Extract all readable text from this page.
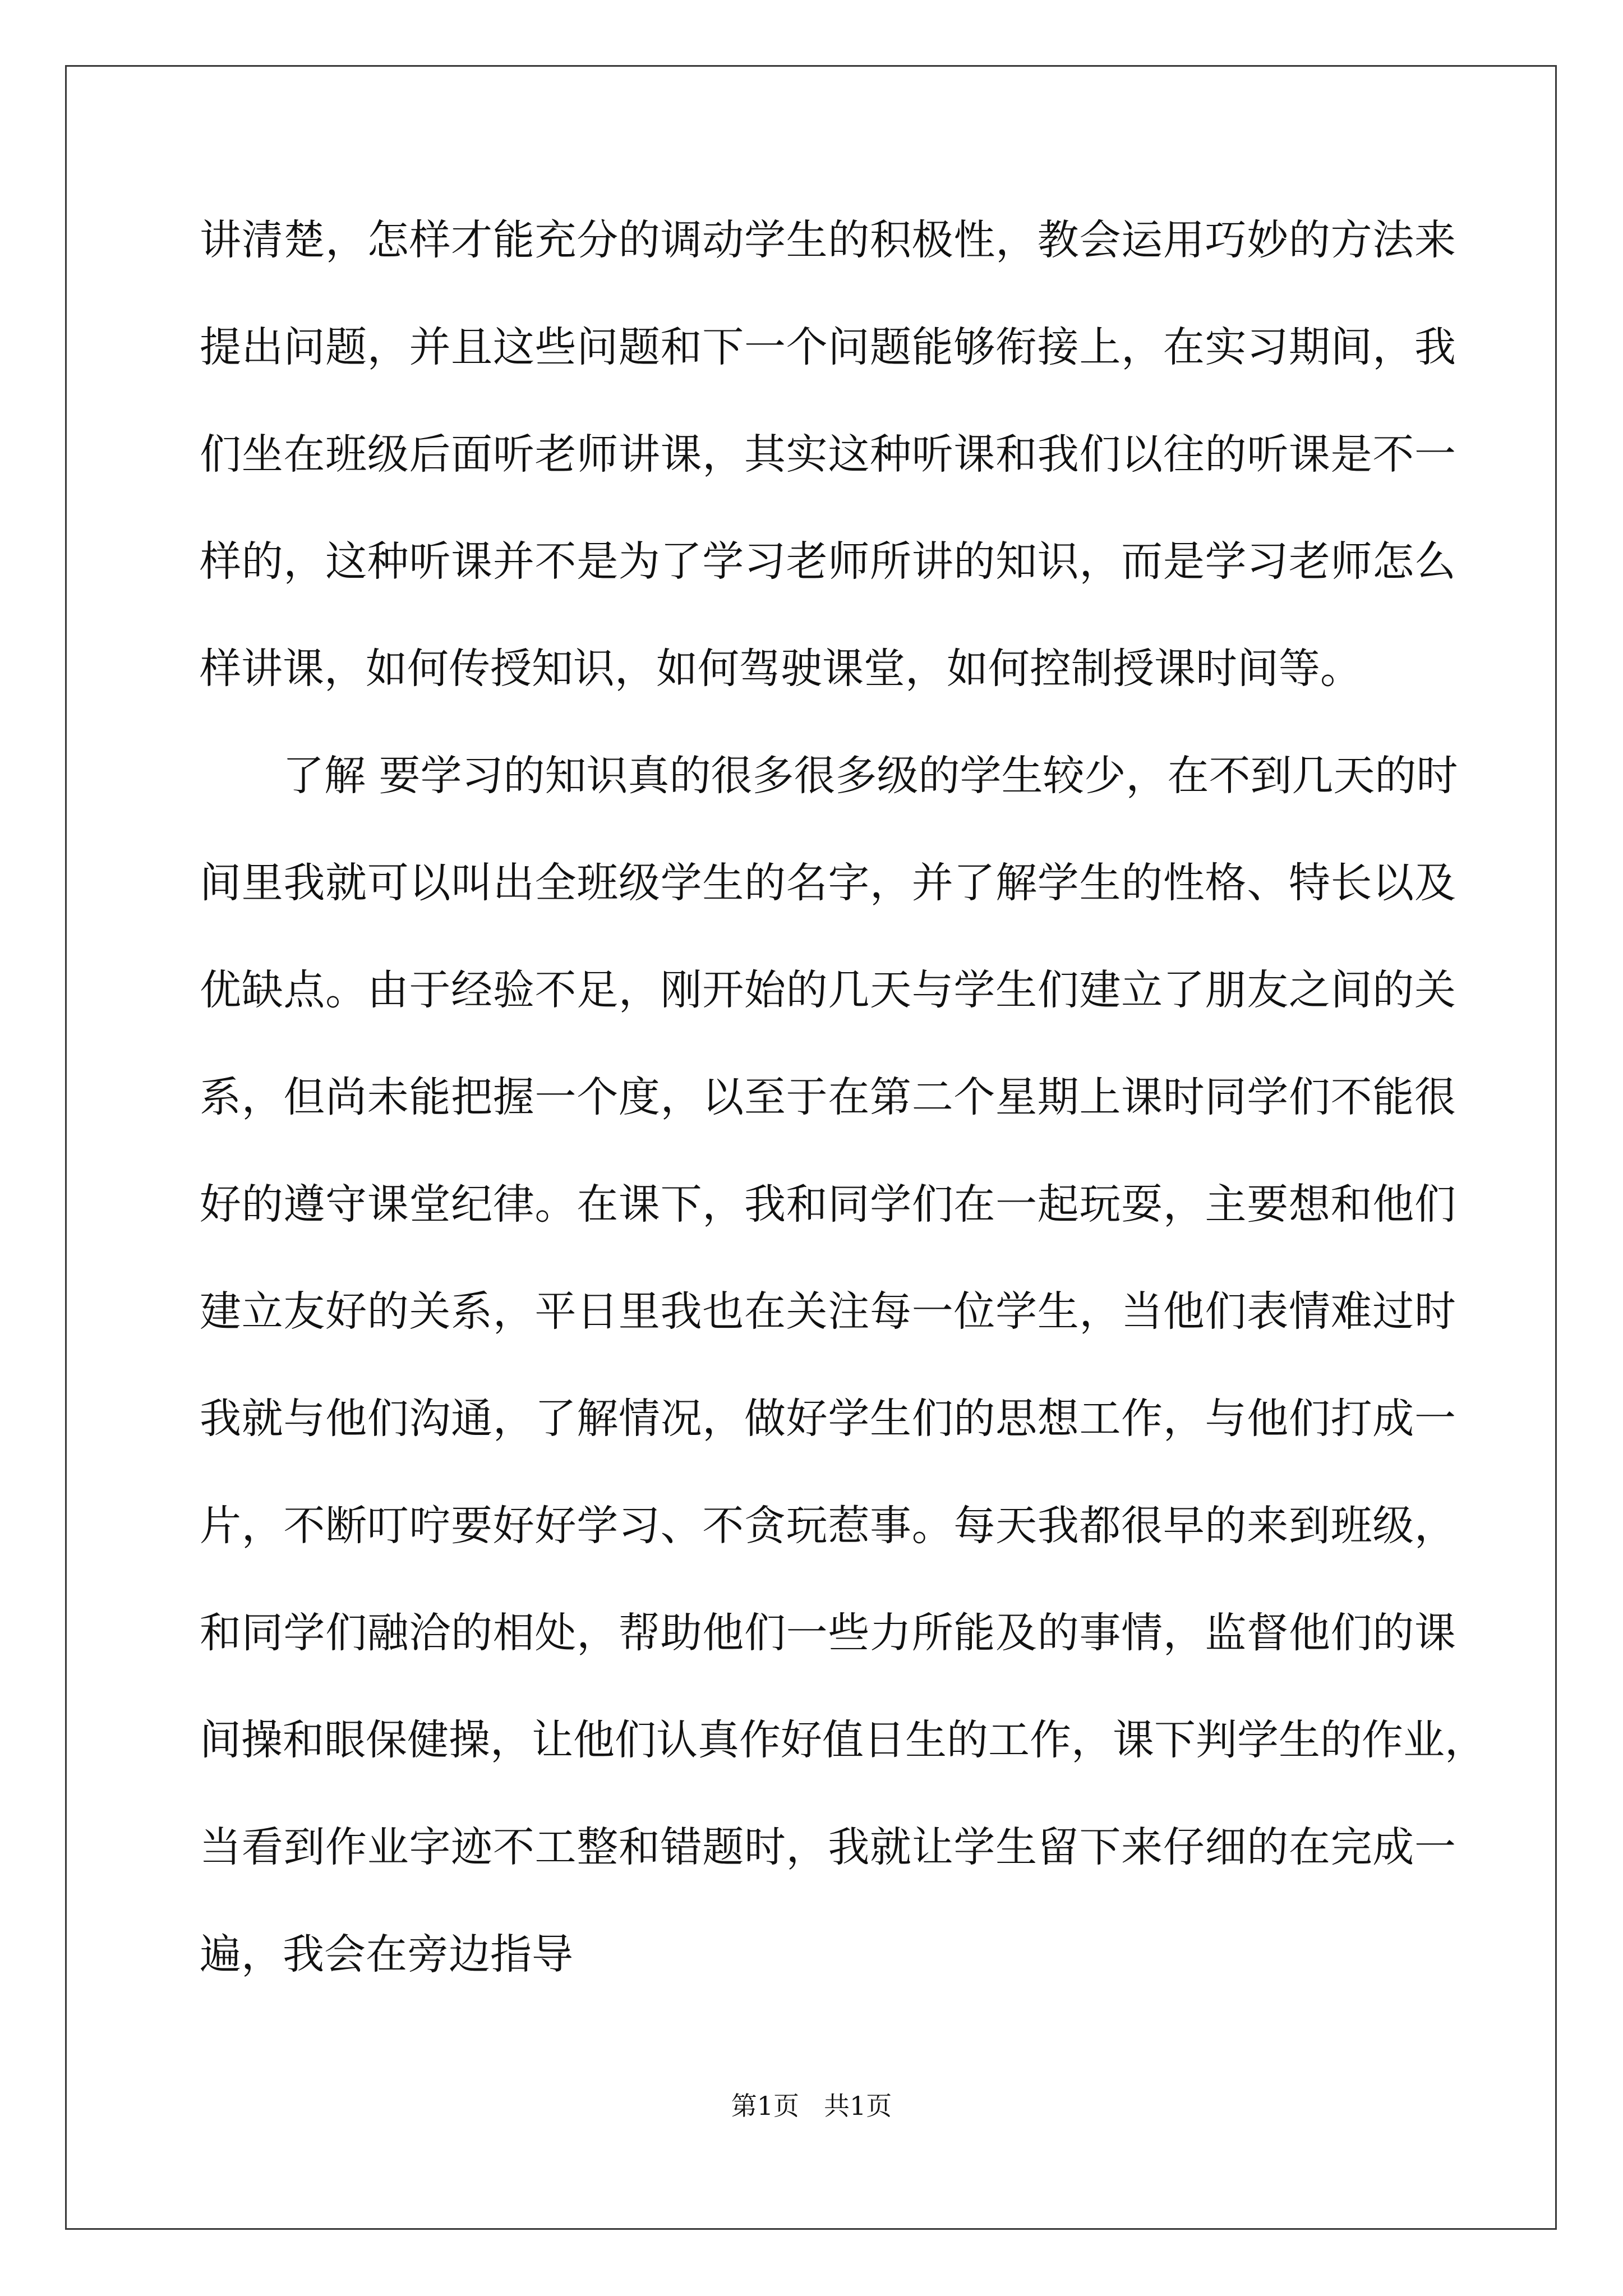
讲清楚，怎样才能充分的调动学生的积极性，教会运用巧妙的方法来
提出问题，并且这些问题和下一个问题能够衔接上，在实习期间，我
们坐在班级后面听老师讲课，其实这种听课和我们以往的听课是不一
样的，这种听课并不是为了学习老师所讲的知识，而是学习老师怎么
样讲课，如何传授知识，如何驾驶课堂，如何控制授课时间等。
了解 要学习的知识真的很多很多级的学生较少，在不到几天的时
间里我就可以叫出全班级学生的名字，并了解学生的性格、特长以及
优缺点。由于经验不足，刚开始的几天与学生们建立了朋友之间的关
系，但尚未能把握一个度，以至于在第二个星期上课时同学们不能很
好的遵守课堂纪律。在课下，我和同学们在一起玩耍，主要想和他们
建立友好的关系，平日里我也在关注每一位学生，当他们表情难过时
我就与他们沟通，了解情况，做好学生们的思想工作，与他们打成一
片，不断叮咛要好好学习、不贪玩惹事。每天我都很早的来到班级，
和同学们融洽的相处，帮助他们一些力所能及的事情，监督他们的课
间操和眼保健操，让他们认真作好值日生的工作，课下判学生的作业，
当看到作业字迹不工整和错题时，我就让学生留下来仔细的在完成一
遍，我会在旁边指导
第1页 共1页
